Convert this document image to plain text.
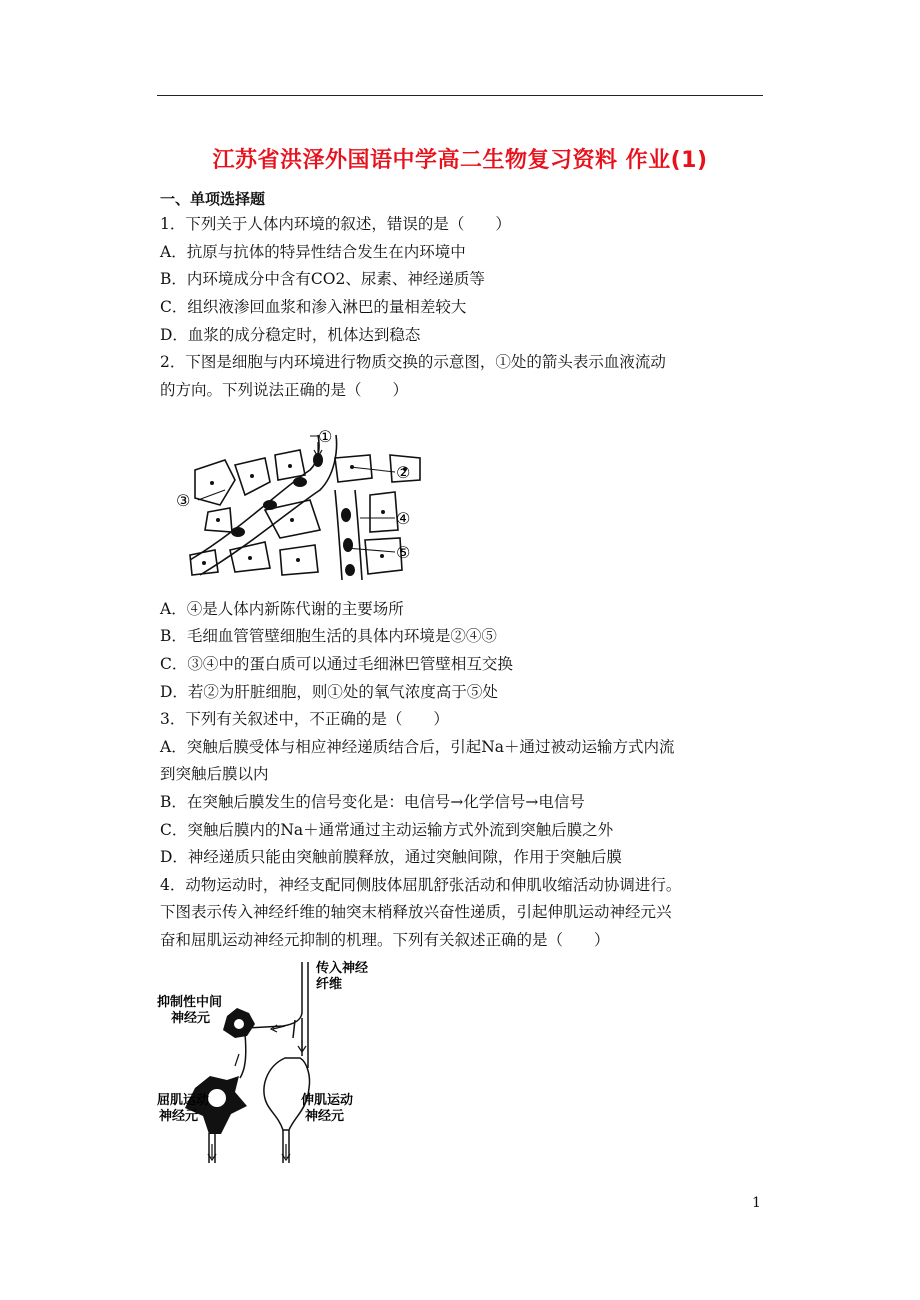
江苏省洪泽外国语中学高二生物复习资料 作业(1)
一、单项选择题
1．下列关于人体内环境的叙述，错误的是（　　）
A．抗原与抗体的特异性结合发生在内环境中
B．内环境成分中含有CO2、尿素、神经递质等
C．组织液渗回血浆和渗入淋巴的量相差较大
D．血浆的成分稳定时，机体达到稳态
2．下图是细胞与内环境进行物质交换的示意图，①处的箭头表示血液流动
的方向。下列说法正确的是（　　）
①
②
③
④
⑤
A．④是人体内新陈代谢的主要场所
B．毛细血管管壁细胞生活的具体内环境是②④⑤
C．③④中的蛋白质可以通过毛细淋巴管壁相互交换
D．若②为肝脏细胞，则①处的氧气浓度高于⑤处
3．下列有关叙述中，不正确的是（　　）
A．突触后膜受体与相应神经递质结合后，引起Na＋通过被动运输方式内流
到突触后膜以内
B．在突触后膜发生的信号变化是：电信号→化学信号→电信号
C．突触后膜内的Na＋通常通过主动运输方式外流到突触后膜之外
D．神经递质只能由突触前膜释放，通过突触间隙，作用于突触后膜
4．动物运动时，神经支配同侧肢体屈肌舒张活动和伸肌收缩活动协调进行。
下图表示传入神经纤维的轴突末梢释放兴奋性递质，引起伸肌运动神经元兴
奋和屈肌运动神经元抑制的机理。下列有关叙述正确的是（　　）
传入神经
纤维
抑制性中间
神经元
屈肌运动
神经元
伸肌运动
神经元
1
